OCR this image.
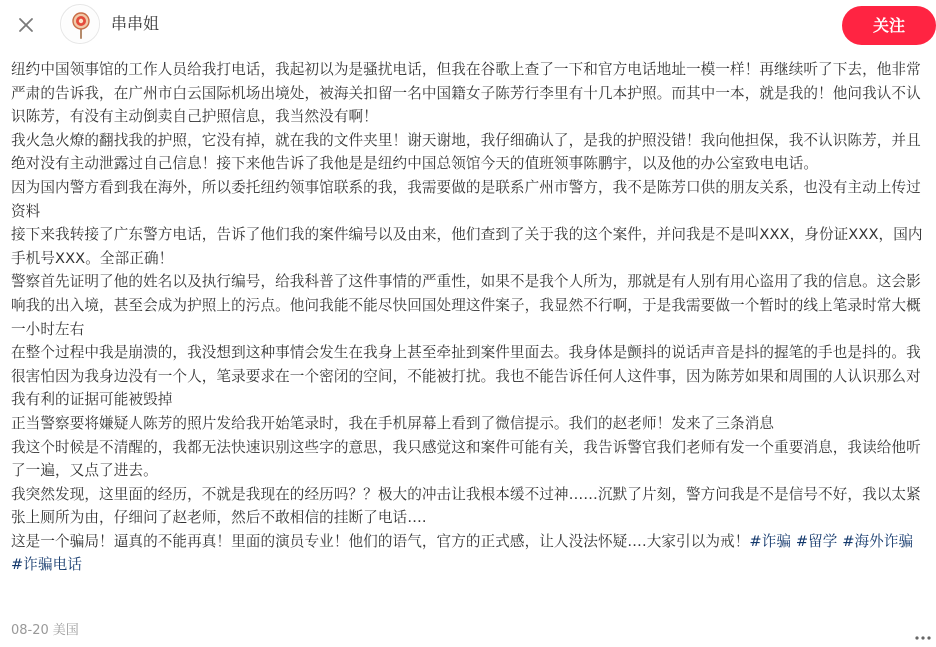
串串姐	关注

纽约中国领事馆的工作人员给我打电话，我起初以为是骚扰电话，但我在谷歌上查了一下和官方电话地址一模一样！再继续听了下去，他非常严肃的告诉我，在广州市白云国际机场出境处，被海关扣留一名中国籍女子陈芳行李里有十几本护照。而其中一本，就是我的！他问我认不认识陈芳，有没有主动倒卖自己护照信息，我当然没有啊！

我火急火燎的翻找我的护照，它没有掉，就在我的文件夹里！谢天谢地，我仔细确认了，是我的护照没错！我向他担保，我不认识陈芳，并且绝对没有主动泄露过自己信息！接下来他告诉了我他是是纽约中国总领馆今天的值班领事陈鹏宇，以及他的办公室致电电话。

因为国内警方看到我在海外，所以委托纽约领事馆联系的我，我需要做的是联系广州市警方，我不是陈芳口供的朋友关系，也没有主动上传过资料

接下来我转接了广东警方电话，告诉了他们我的案件编号以及由来，他们查到了关于我的这个案件，并问我是不是叫XXX，身份证XXX，国内手机号XXX。全部正确！

警察首先证明了他的姓名以及执行编号，给我科普了这件事情的严重性，如果不是我个人所为，那就是有人别有用心盗用了我的信息。这会影响我的出入境，甚至会成为护照上的污点。他问我能不能尽快回国处理这件案子，我显然不行啊，于是我需要做一个暂时的线上笔录时常大概一小时左右

在整个过程中我是崩溃的，我没想到这种事情会发生在我身上甚至牵扯到案件里面去。我身体是颤抖的说话声音是抖的握笔的手也是抖的。我很害怕因为我身边没有一个人，笔录要求在一个密闭的空间，不能被打扰。我也不能告诉任何人这件事，因为陈芳如果和周围的人认识那么对我有利的证据可能被毁掉

正当警察要将嫌疑人陈芳的照片发给我开始笔录时，我在手机屏幕上看到了微信提示。我们的赵老师！发来了三条消息

我这个时候是不清醒的，我都无法快速识别这些字的意思，我只感觉这和案件可能有关，我告诉警官我们老师有发一个重要消息，我读给他听了一遍，又点了进去。

我突然发现，这里面的经历，不就是我现在的经历吗？？极大的冲击让我根本缓不过神……沉默了片刻，警方问我是不是信号不好，我以太紧张上厕所为由，仔细问了赵老师，然后不敢相信的挂断了电话….

这是一个骗局！逼真的不能再真！里面的演员专业！他们的语气，官方的正式感，让人没法怀疑….大家引以为戒！#诈骗 #留学 #海外诈骗 #诈骗电话

08-20 美国
